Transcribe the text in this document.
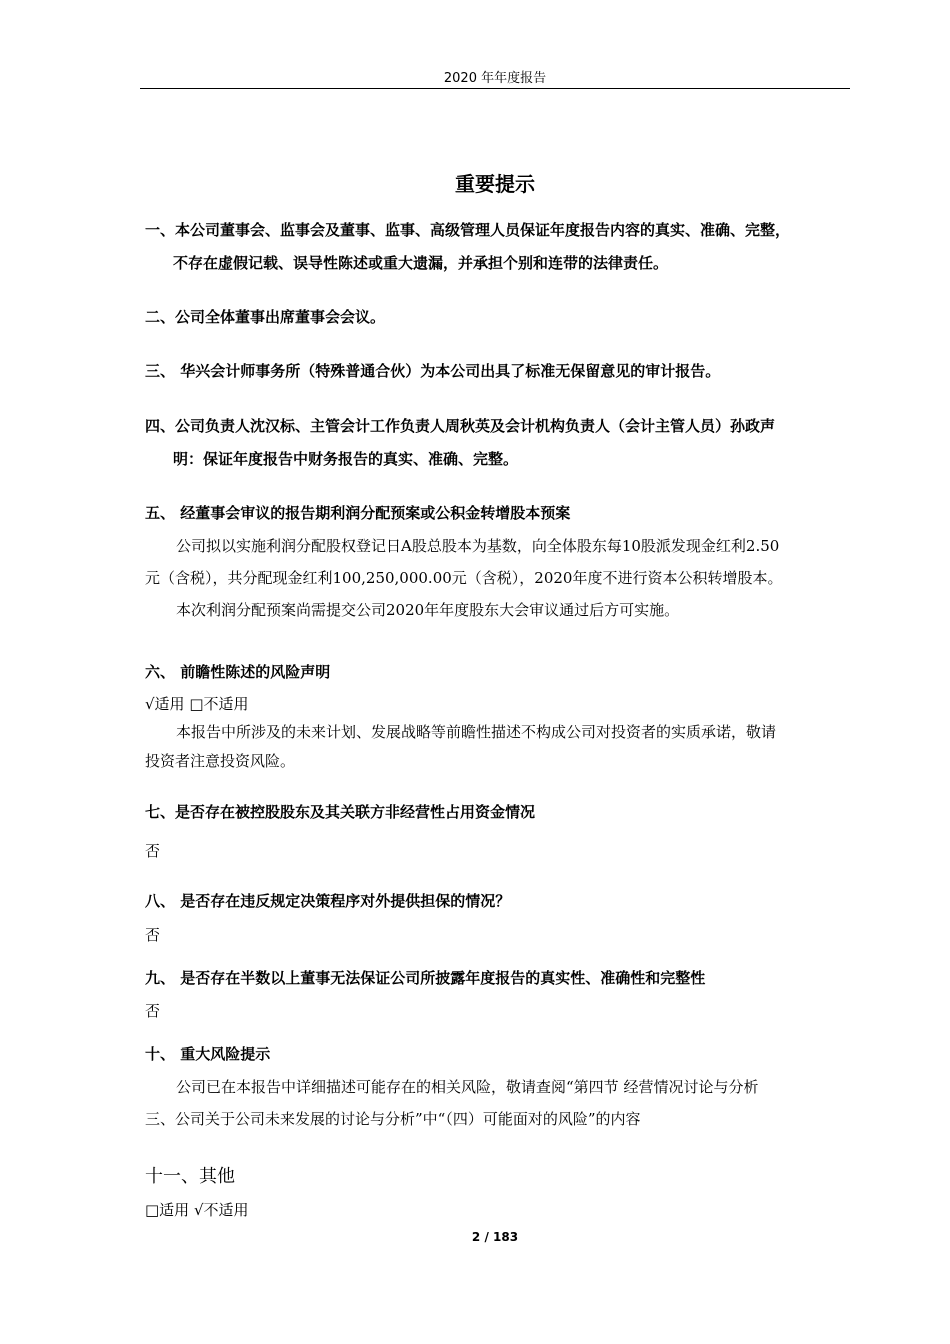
2020 年年度报告
重要提示
一、本公司董事会、监事会及董事、监事、高级管理人员保证年度报告内容的真实、准确、完整，
不存在虚假记载、误导性陈述或重大遗漏，并承担个别和连带的法律责任。
二、公司全体董事出席董事会会议。
三、 华兴会计师事务所（特殊普通合伙）为本公司出具了标准无保留意见的审计报告。
四、公司负责人沈汉标、主管会计工作负责人周秋英及会计机构负责人（会计主管人员）孙政声
明：保证年度报告中财务报告的真实、准确、完整。
五、 经董事会审议的报告期利润分配预案或公积金转增股本预案
公司拟以实施利润分配股权登记日A股总股本为基数，向全体股东每10股派发现金红利2.50
元（含税），共分配现金红利100,250,000.00元（含税），2020年度不进行资本公积转增股本。
本次利润分配预案尚需提交公司2020年年度股东大会审议通过后方可实施。
六、 前瞻性陈述的风险声明
√适用 □不适用
本报告中所涉及的未来计划、发展战略等前瞻性描述不构成公司对投资者的实质承诺，敬请
投资者注意投资风险。
七、是否存在被控股股东及其关联方非经营性占用资金情况
否
八、 是否存在违反规定决策程序对外提供担保的情况？
否
九、 是否存在半数以上董事无法保证公司所披露年度报告的真实性、准确性和完整性
否
十、 重大风险提示
公司已在本报告中详细描述可能存在的相关风险，敬请查阅“第四节 经营情况讨论与分析
三、公司关于公司未来发展的讨论与分析”中“（四）可能面对的风险”的内容
十一、其他
□适用 √不适用
2 / 183
